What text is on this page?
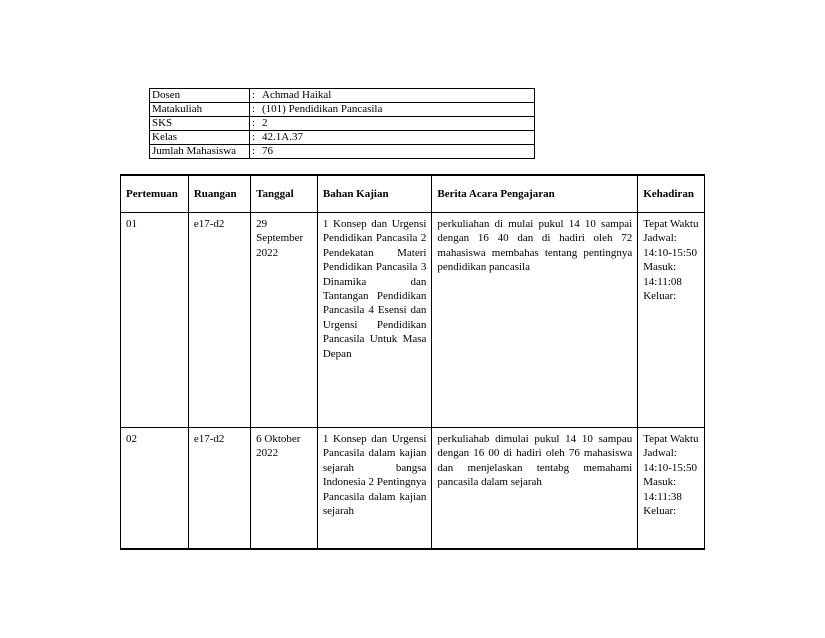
Dosen	:	Achmad Haikal
Matakuliah	:	(101) Pendidikan Pancasila
SKS	:	2
Kelas	:	42.1A.37
Jumlah Mahasiswa	:	76
Pertemuan	Ruangan	Tanggal	Bahan Kajian	Berita Acara Pengajaran	Kehadiran
01	e17-d2	29 September 2022	1 Konsep dan Urgensi Pendidikan Pancasila 2 Pendekatan Materi Pendidikan Pancasila 3 Dinamika dan Tantangan Pendidikan Pancasila 4 Esensi dan Urgensi Pendidikan Pancasila Untuk Masa Depan	perkuliahan di mulai pukul 14 10 sampai dengan 16 40 dan di hadiri oleh 72 mahasiswa membahas tentang pentingnya pendidikan pancasila	Tepat Waktu Jadwal: 14:10-15:50 Masuk: 14:11:08 Keluar:
02	e17-d2	6 Oktober 2022	1 Konsep dan Urgensi Pancasila dalam kajian sejarah bangsa Indonesia 2 Pentingnya Pancasila dalam kajian sejarah	perkuliahab dimulai pukul 14 10 sampau dengan 16 00 di hadiri oleh 76 mahasiswa dan menjelaskan tentabg memahami pancasila dalam sejarah	Tepat Waktu Jadwal: 14:10-15:50 Masuk: 14:11:38 Keluar:
